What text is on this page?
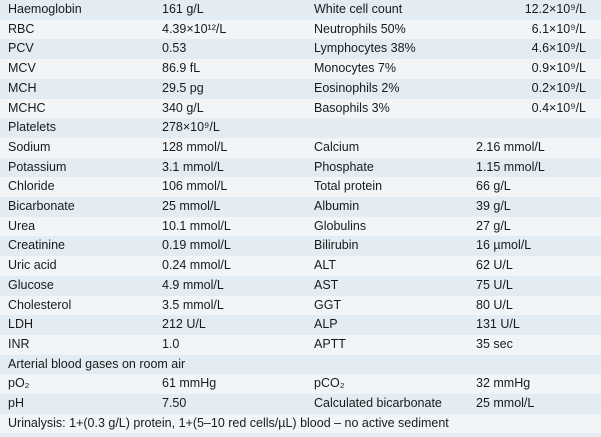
Haemoglobin	161 g/L	White cell count	12.2×10⁹/L
RBC	4.39×10¹²/L	Neutrophils 50%	6.1×10⁹/L
PCV	0.53	Lymphocytes 38%	4.6×10⁹/L
MCV	86.9 fL	Monocytes 7%	0.9×10⁹/L
MCH	29.5 pg	Eosinophils 2%	0.2×10⁹/L
MCHC	340 g/L	Basophils 3%	0.4×10⁹/L
Platelets	278×10⁹/L
Sodium	128 mmol/L	Calcium	2.16 mmol/L
Potassium	3.1 mmol/L	Phosphate	1.15 mmol/L
Chloride	106 mmol/L	Total protein	66 g/L
Bicarbonate	25 mmol/L	Albumin	39 g/L
Urea	10.1 mmol/L	Globulins	27 g/L
Creatinine	0.19 mmol/L	Bilirubin	16 µmol/L
Uric acid	0.24 mmol/L	ALT	62 U/L
Glucose	4.9 mmol/L	AST	75 U/L
Cholesterol	3.5 mmol/L	GGT	80 U/L
LDH	212 U/L	ALP	131 U/L
INR	1.0	APTT	35 sec
Arterial blood gases on room air
pO₂	61 mmHg	pCO₂	32 mmHg
pH	7.50	Calculated bicarbonate	25 mmol/L
Urinalysis: 1+(0.3 g/L) protein, 1+(5–10 red cells/µL) blood – no active sediment
